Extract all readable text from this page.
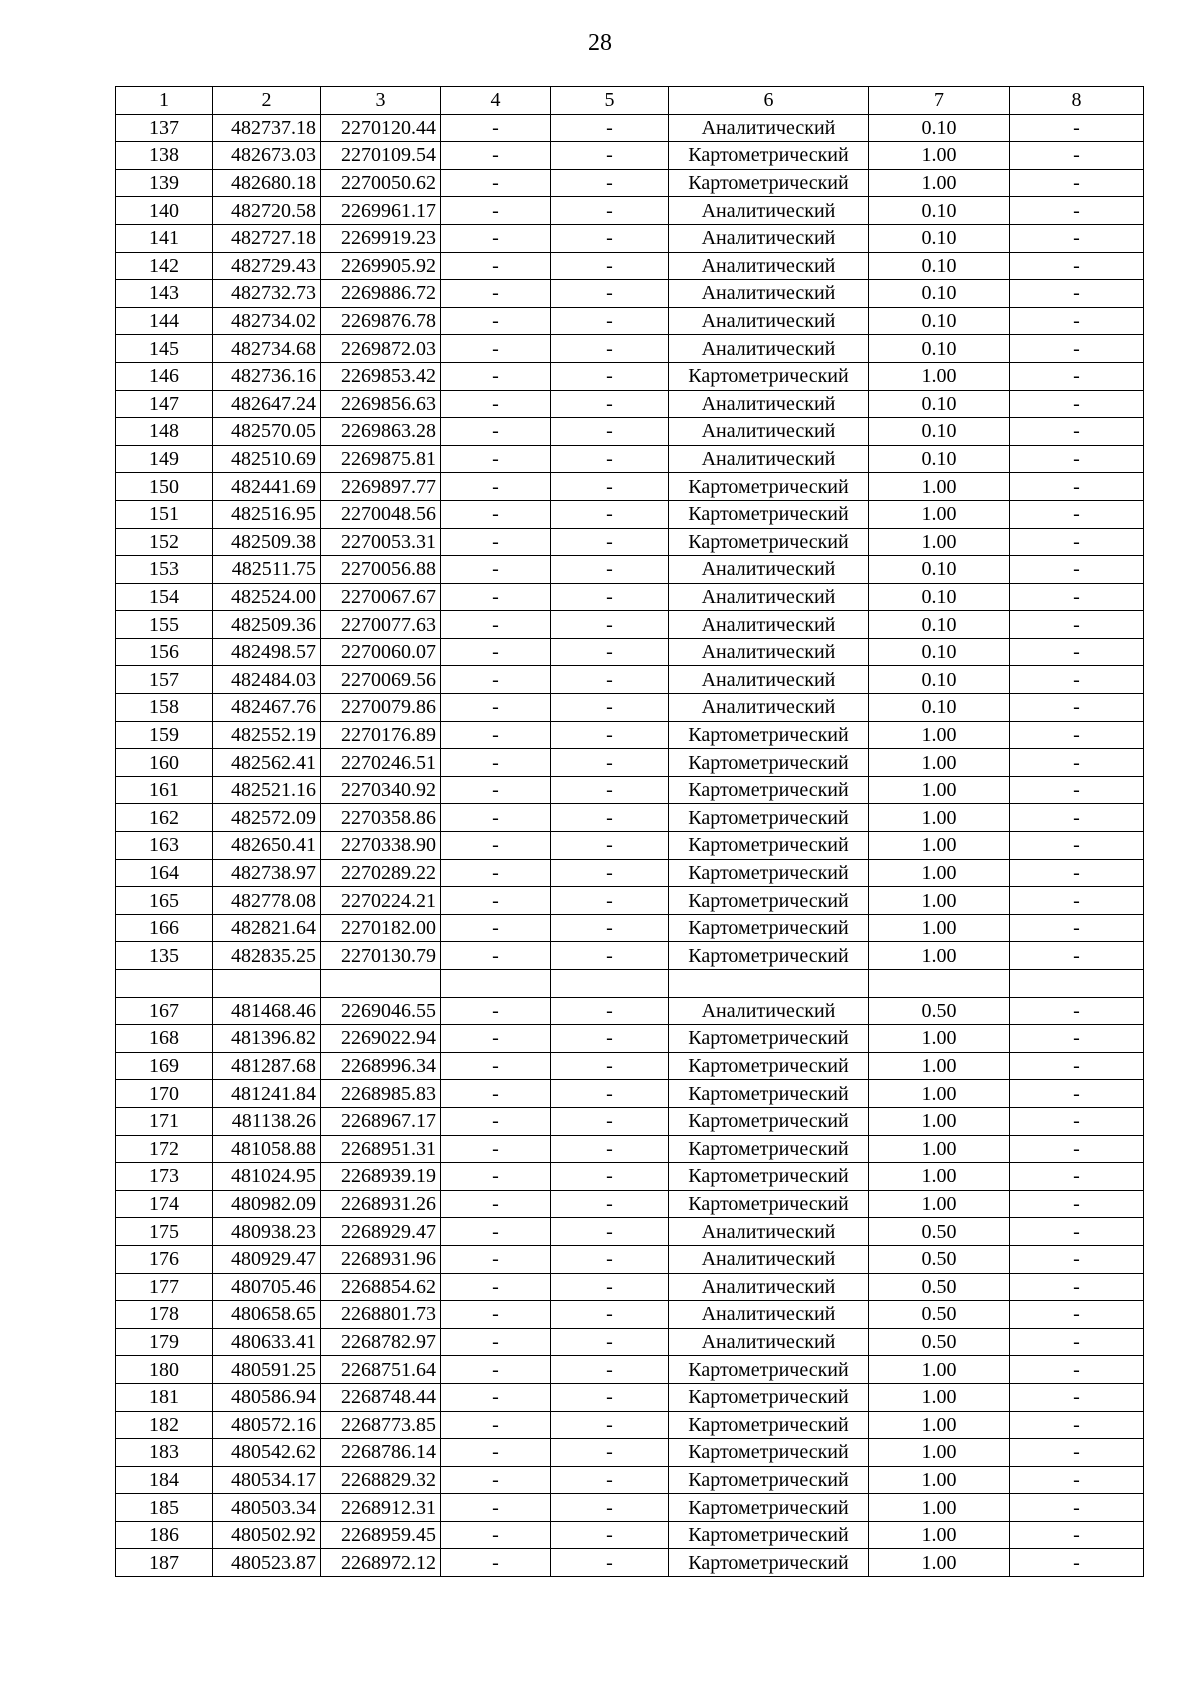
28
1	2	3	4	5	6	7	8
137	482737.18	2270120.44	-	-	Аналитический	0.10	-
138	482673.03	2270109.54	-	-	Картометрический	1.00	-
139	482680.18	2270050.62	-	-	Картометрический	1.00	-
140	482720.58	2269961.17	-	-	Аналитический	0.10	-
141	482727.18	2269919.23	-	-	Аналитический	0.10	-
142	482729.43	2269905.92	-	-	Аналитический	0.10	-
143	482732.73	2269886.72	-	-	Аналитический	0.10	-
144	482734.02	2269876.78	-	-	Аналитический	0.10	-
145	482734.68	2269872.03	-	-	Аналитический	0.10	-
146	482736.16	2269853.42	-	-	Картометрический	1.00	-
147	482647.24	2269856.63	-	-	Аналитический	0.10	-
148	482570.05	2269863.28	-	-	Аналитический	0.10	-
149	482510.69	2269875.81	-	-	Аналитический	0.10	-
150	482441.69	2269897.77	-	-	Картометрический	1.00	-
151	482516.95	2270048.56	-	-	Картометрический	1.00	-
152	482509.38	2270053.31	-	-	Картометрический	1.00	-
153	482511.75	2270056.88	-	-	Аналитический	0.10	-
154	482524.00	2270067.67	-	-	Аналитический	0.10	-
155	482509.36	2270077.63	-	-	Аналитический	0.10	-
156	482498.57	2270060.07	-	-	Аналитический	0.10	-
157	482484.03	2270069.56	-	-	Аналитический	0.10	-
158	482467.76	2270079.86	-	-	Аналитический	0.10	-
159	482552.19	2270176.89	-	-	Картометрический	1.00	-
160	482562.41	2270246.51	-	-	Картометрический	1.00	-
161	482521.16	2270340.92	-	-	Картометрический	1.00	-
162	482572.09	2270358.86	-	-	Картометрический	1.00	-
163	482650.41	2270338.90	-	-	Картометрический	1.00	-
164	482738.97	2270289.22	-	-	Картометрический	1.00	-
165	482778.08	2270224.21	-	-	Картометрический	1.00	-
166	482821.64	2270182.00	-	-	Картометрический	1.00	-
135	482835.25	2270130.79	-	-	Картометрический	1.00	-

167	481468.46	2269046.55	-	-	Аналитический	0.50	-
168	481396.82	2269022.94	-	-	Картометрический	1.00	-
169	481287.68	2268996.34	-	-	Картометрический	1.00	-
170	481241.84	2268985.83	-	-	Картометрический	1.00	-
171	481138.26	2268967.17	-	-	Картометрический	1.00	-
172	481058.88	2268951.31	-	-	Картометрический	1.00	-
173	481024.95	2268939.19	-	-	Картометрический	1.00	-
174	480982.09	2268931.26	-	-	Картометрический	1.00	-
175	480938.23	2268929.47	-	-	Аналитический	0.50	-
176	480929.47	2268931.96	-	-	Аналитический	0.50	-
177	480705.46	2268854.62	-	-	Аналитический	0.50	-
178	480658.65	2268801.73	-	-	Аналитический	0.50	-
179	480633.41	2268782.97	-	-	Аналитический	0.50	-
180	480591.25	2268751.64	-	-	Картометрический	1.00	-
181	480586.94	2268748.44	-	-	Картометрический	1.00	-
182	480572.16	2268773.85	-	-	Картометрический	1.00	-
183	480542.62	2268786.14	-	-	Картометрический	1.00	-
184	480534.17	2268829.32	-	-	Картометрический	1.00	-
185	480503.34	2268912.31	-	-	Картометрический	1.00	-
186	480502.92	2268959.45	-	-	Картометрический	1.00	-
187	480523.87	2268972.12	-	-	Картометрический	1.00	-
